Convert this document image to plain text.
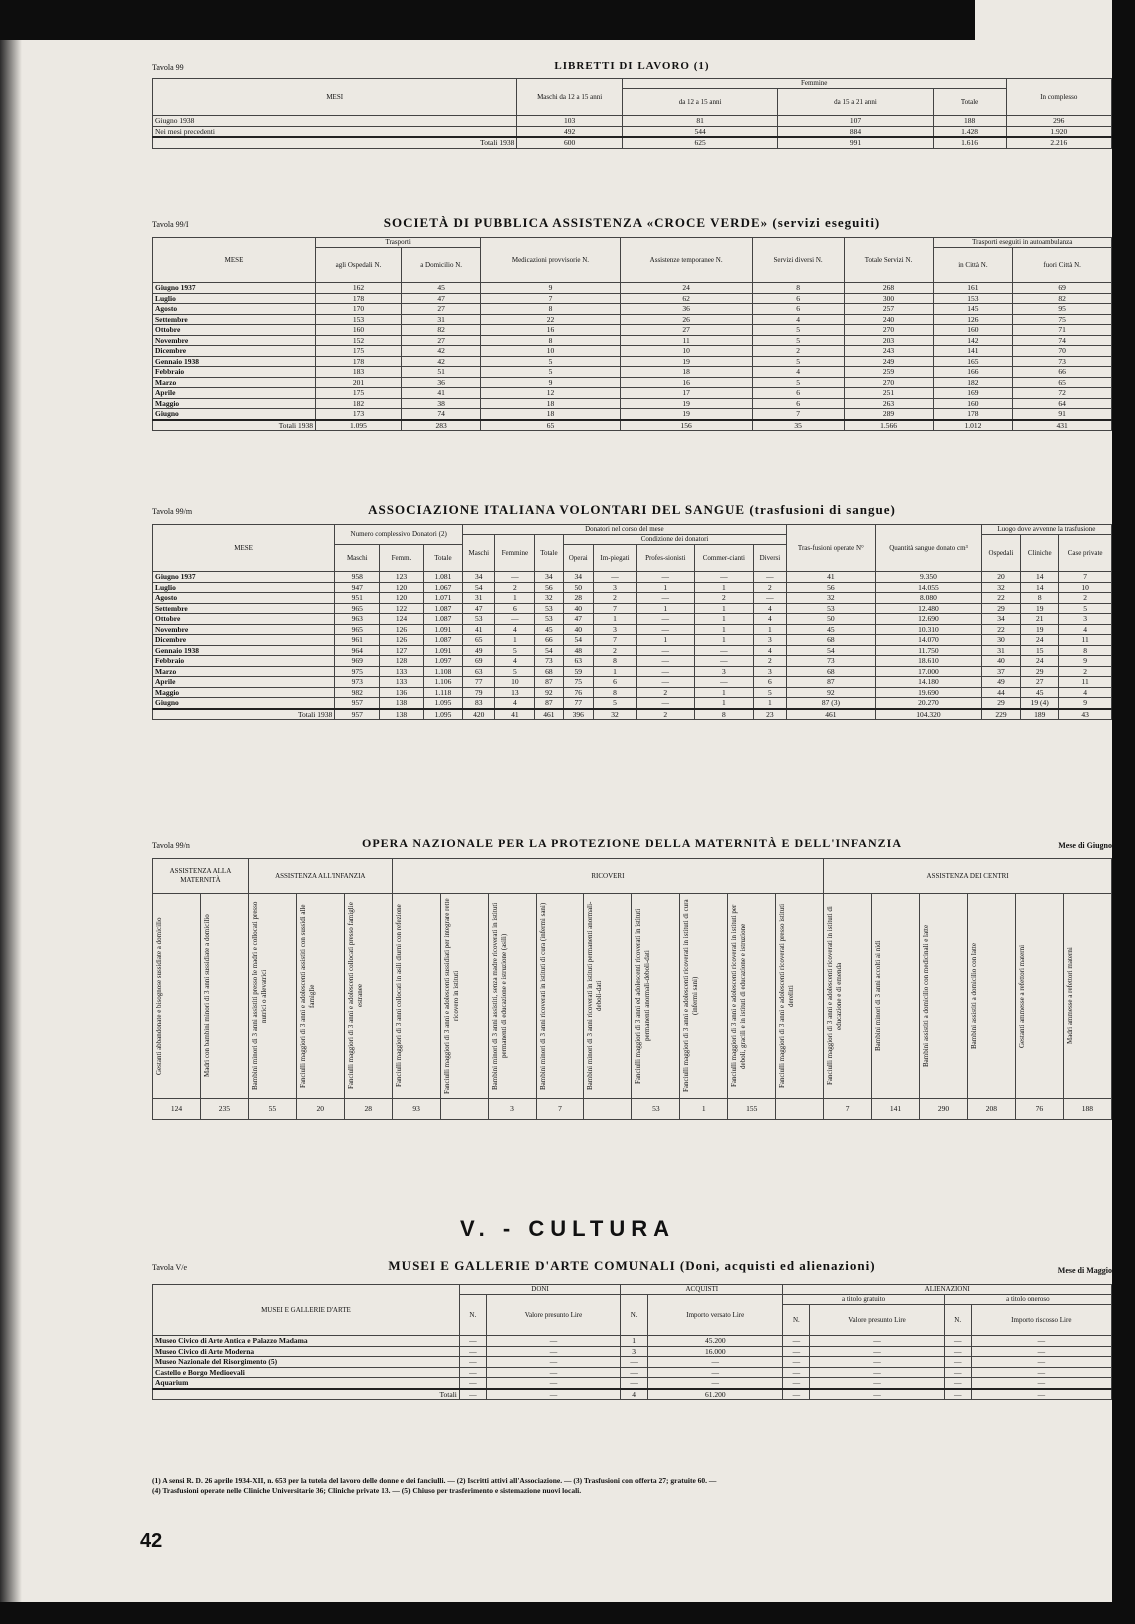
Tavola 99	LIBRETTI DI LAVORO (1)
MESI	Maschi da 12 a 15 anni	Femmine			In complesso
		da 12 a 15 anni	da 15 a 21 anni	Totale	
Giugno 1938	103	81	107	188	296
Nei mesi precedenti	492	544	884	1.428	1.920
Totali 1938	600	625	991	1.616	2.216
Tavola 99/I	SOCIETÀ DI PUBBLICA ASSISTENZA «CROCE VERDE» (servizi eseguiti)
MESE	Trasporti		Medicazioni provvisorie N.	Assistenze temporanee N.	Servizi diversi N.	Totale Servizi N.	Trasporti eseguiti in autoambulanza	
	agli Ospedali N.	a Domicilio N.					in Città N.	fuori Città N.

Giugno 1937	162	45	9	24	8	268	161	69
Luglio	178	47	7	62	6	300	153	82
Agosto	170	27	8	36	6	257	145	95
Settembre	153	31	22	26	4	240	126	75
Ottobre	160	82	16	27	5	270	160	71
Novembre	152	27	8	11	5	203	142	74
Dicembre	175	42	10	10	2	243	141	70
Gennaio 1938	178	42	5	19	5	249	165	73
Febbraio	183	51	5	18	4	259	166	66
Marzo	201	36	9	16	5	270	182	65
Aprile	175	41	12	17	6	251	169	72
Maggio	182	38	18	19	6	263	160	64
Giugno	173	74	18	19	7	289	178	91
Totali 1938	1.095	283	65	156	35	1.566	1.012	431
Tavola 99/m	ASSOCIAZIONE ITALIANA VOLONTARI DEL SANGUE (trasfusioni di sangue)
MESE	Numero complessivo Donatori (2)			Donatori nel corso del mese								Tras-fusioni operate N°	Quantità sangue donato cm³	Luogo dove avvenne la trasfusione		
				Maschi	Femmine	Totale	Condizione dei donatori							Ospedali	Cliniche	Case private
	Maschi	Femm.	Totale				Operai	Im-piegati	Profes-sionisti	Commer-cianti	Diversi					
Giugno 1937	958	123	1.081	34	—	34	34	—	—	—	—	41	9.350	20	14	7
Luglio	947	120	1.067	54	2	56	50	3	1	1	2	56	14.055	32	14	10
Agosto	951	120	1.071	31	1	32	28	2	—	2	—	32	8.080	22	8	2
Settembre	965	122	1.087	47	6	53	40	7	1	1	4	53	12.480	29	19	5
Ottobre	963	124	1.087	53	—	53	47	1	—	1	4	50	12.690	34	21	3
Novembre	965	126	1.091	41	4	45	40	3	—	1	1	45	10.310	22	19	4
Dicembre	961	126	1.087	65	1	66	54	7	1	1	3	68	14.070	30	24	11
Gennaio 1938	964	127	1.091	49	5	54	48	2	—	—	4	54	11.750	31	15	8
Febbraio	969	128	1.097	69	4	73	63	8	—	—	2	73	18.610	40	24	9
Marzo	975	133	1.108	63	5	68	59	1	—	3	3	68	17.000	37	29	2
Aprile	973	133	1.106	77	10	87	75	6	—	—	6	87	14.180	49	27	11
Maggio	982	136	1.118	79	13	92	76	8	2	1	5	92	19.690	44	45	4
Giugno	957	138	1.095	83	4	87	77	5	—	1	1	87 (3)	20.270	29	19 (4)	9
Totali 1938	957	138	1.095	420	41	461	396	32	2	8	23	461	104.320	229	189	43
Tavola 99/n	OPERA NAZIONALE PER LA PROTEZIONE DELLA MATERNITÀ E DELL'INFANZIA	Mese di Giugno
ASSISTENZA ALLA MATERNITÀ		ASSISTENZA ALL'INFANZIA			RICOVERI									ASSISTENZA DEI CENTRI					

Gestanti abbandonate e bisognose sussidiate a domicilio	Madri con bambini minori di 3 anni sussidiate a domicilio	Bambini minori di 3 anni assistiti presso le madri e collocati presso nutrici o allevatrici	Fanciulli maggiori di 3 anni e adolescenti assistiti con sussidi alle famiglie	Fanciulli maggiori di 3 anni e adolescenti collocati presso famiglie estranee	Fanciulli maggiori di 3 anni collocati in asili diurni con refezione	Fanciulli maggiori di 3 anni e adolescenti sussidiati per integrare rette ricovero in istituti	Bambini minori di 3 anni assistiti, senza madre ricoverati in istituti permanenti di educazione e istruzione (asili)	Bambini minori di 3 anni ricoverati in istituti di cura (infermi sani)	Bambini minori di 3 anni ricoverati in istituti permanenti anormali-deboli-dati	Fanciulli maggiori di 3 anni ed adolescenti ricoverati in istituti permanenti anormali-deboli-dati	Fanciulli maggiori di 3 anni e adolescenti ricoverati in istituti di cura (infermi sani)	Fanciulli maggiori di 3 anni e adolescenti ricoverati in istituti per deboli, gracili e in istituti di educazione e istruzione	Fanciulli maggiori di 3 anni e adolescenti ricoverati presso istituti derelitti	Fanciulli maggiori di 3 anni e adolescenti ricoverati in istituti di educazione e di emenda	Bambini minori di 3 anni accolti ai nidi	Bambini assistiti a domicilio con medicinali e latte	Bambini assistiti a domicilio con latte	Gestanti ammesse a refettori materni	Madri ammesse a refettori materni

124	235	55	20	28	93		3	7		53	1	155		7	141	290	208	76	188
V. - CULTURA
Tavola V/e	MUSEI E GALLERIE D'ARTE COMUNALI (Doni, acquisti ed alienazioni)	Mese di Maggio
MUSEI E GALLERIE D'ARTE	DONI		ACQUISTI		ALIENAZIONI			
	N.	Valore presunto Lire	N.	Importo versato Lire	a titolo gratuito		a titolo oneroso	
					N.	Valore presunto Lire	N.	Importo riscosso Lire
Museo Civico di Arte Antica e Palazzo Madama	—	—	1	45.200	—	—	—	—
Museo Civico di Arte Moderna	—	—	3	16.000	—	—	—	—
Museo Nazionale del Risorgimento (5)	—	—	—	—	—	—	—	—
Castello e Borgo Medioevali	—	—	—	—	—	—	—	—
Aquarium	—	—	—	—	—	—	—	—
Totali	—	—	4	61.200	—	—	—	—
(1) A sensi R. D. 26 aprile 1934-XII, n. 653 per la tutela del lavoro delle donne e dei fanciulli. — (2) Iscritti attivi all'Associazione. — (3) Trasfusioni con offerta 27; gratuite 60. —
(4) Trasfusioni operate nelle Cliniche Universitarie 36; Cliniche private 13. — (5) Chiuso per trasferimento e sistemazione nuovi locali.
42
